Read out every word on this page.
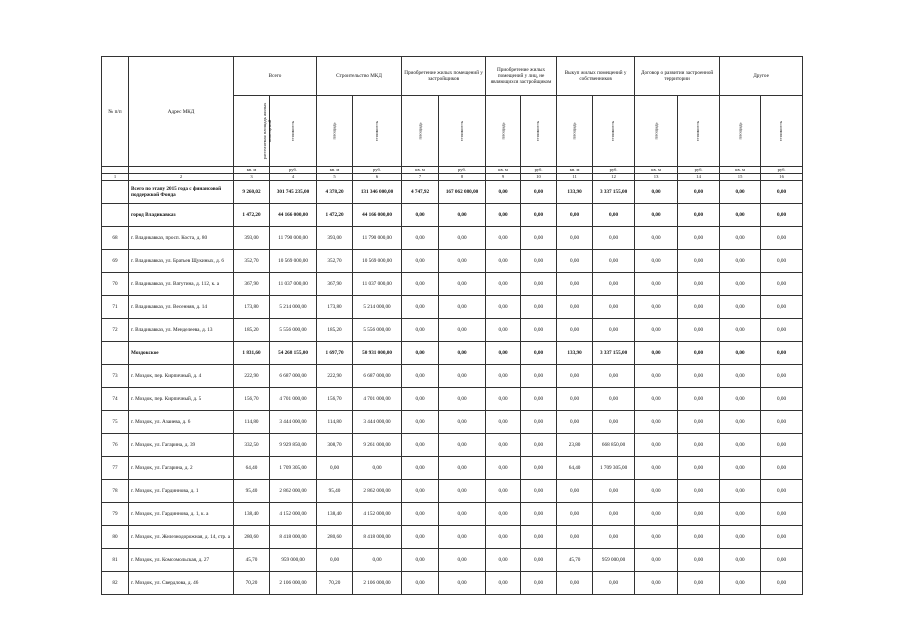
№ п/п	Адрес МКД	Всего		Строительство МКД		Приобретение жилых помещений у застройщиков		Приобретение жилых помещений у лиц, не являющихся застройщиком		Выкуп жилых помещений у собственников		Договор о развитии застроенной территории		Другое	
		расселяемая площадь жилых помещений	стоимость	площадь	стоимость	площадь	стоимость	площадь	стоимость	площадь	стоимость	площадь	стоимость	площадь	стоимость
		кв. м	руб.	кв. м	руб.	кв. м	руб.	кв. м	руб.	кв. м	руб.	кв. м	руб.	кв. м	руб.
1	2	3	4	5	6	7	8	9	10	11	12	13	14	15	16
	Всего по этапу 2015 года с финансовой поддержкой Фонда	9 260,02	301 745 235,00	4 378,20	131 346 000,00	4 747,92	167 062 080,00	0,00	0,00	133,90	3 337 155,00	0,00	0,00	0,00	0,00
	город Владикавказ	1 472,20	44 166 000,00	1 472,20	44 166 000,00	0,00	0,00	0,00	0,00	0,00	0,00	0,00	0,00	0,00	0,00
68	г. Владикавказ, просп. Коста, д. 80	393,00	11 790 000,00	393,00	11 790 000,00	0,00	0,00	0,00	0,00	0,00	0,00	0,00	0,00	0,00	0,00
69	г. Владикавказ, ул. Братьев Щукиных, д. 6	352,70	10 569 000,00	352,70	10 569 000,00	0,00	0,00	0,00	0,00	0,00	0,00	0,00	0,00	0,00	0,00
70	г. Владикавказ, ул. Ватутина, д. 112, к. а	367,90	11 037 000,00	367,90	11 037 000,00	0,00	0,00	0,00	0,00	0,00	0,00	0,00	0,00	0,00	0,00
71	г. Владикавказ, ул. Весенняя, д. 14	173,80	5 214 000,00	173,80	5 214 000,00	0,00	0,00	0,00	0,00	0,00	0,00	0,00	0,00	0,00	0,00
72	г. Владикавказ, ул. Менделеева, д. 13	185,20	5 556 000,00	185,20	5 556 000,00	0,00	0,00	0,00	0,00	0,00	0,00	0,00	0,00	0,00	0,00
	Моздокское	1 831,60	54 268 155,00	1 697,70	50 931 000,00	0,00	0,00	0,00	0,00	133,90	3 337 155,00	0,00	0,00	0,00	0,00
73	г. Моздок, пер. Кирпичный, д. 4	222,90	6 687 000,00	222,90	6 687 000,00	0,00	0,00	0,00	0,00	0,00	0,00	0,00	0,00	0,00	0,00
74	г. Моздок, пер. Кирпичный, д. 5	156,70	4 701 000,00	156,70	4 701 000,00	0,00	0,00	0,00	0,00	0,00	0,00	0,00	0,00	0,00	0,00
75	г. Моздок, ул. Азаиева, д. 6	114,80	3 444 000,00	114,80	3 444 000,00	0,00	0,00	0,00	0,00	0,00	0,00	0,00	0,00	0,00	0,00
76	г. Моздок, ул. Гагарина, д. 39	332,50	9 929 850,00	308,70	9 261 000,00	0,00	0,00	0,00	0,00	23,80	668 850,00	0,00	0,00	0,00	0,00
77	г. Моздок, ул. Гагарина, д. 2	64,40	1 709 305,00	0,00	0,00	0,00	0,00	0,00	0,00	64,40	1 709 305,00	0,00	0,00	0,00	0,00
78	г. Моздок, ул. Гардиннова, д. 1	95,40	2 862 000,00	95,40	2 862 000,00	0,00	0,00	0,00	0,00	0,00	0,00	0,00	0,00	0,00	0,00
79	г. Моздок, ул. Гардиннова, д. 1, к. а	138,40	4 152 000,00	138,40	4 152 000,00	0,00	0,00	0,00	0,00	0,00	0,00	0,00	0,00	0,00	0,00
80	г. Моздок, ул. Железнодорожная, д. 14, стр. а	280,60	8 418 000,00	280,60	8 418 000,00	0,00	0,00	0,00	0,00	0,00	0,00	0,00	0,00	0,00	0,00
81	г. Моздок, ул. Комсомольская, д. 27	45,70	959 000,00	0,00	0,00	0,00	0,00	0,00	0,00	45,70	959 000,00	0,00	0,00	0,00	0,00
82	г. Моздок, ул. Свердлова, д. 46	70,20	2 106 000,00	70,20	2 106 000,00	0,00	0,00	0,00	0,00	0,00	0,00	0,00	0,00	0,00	0,00
